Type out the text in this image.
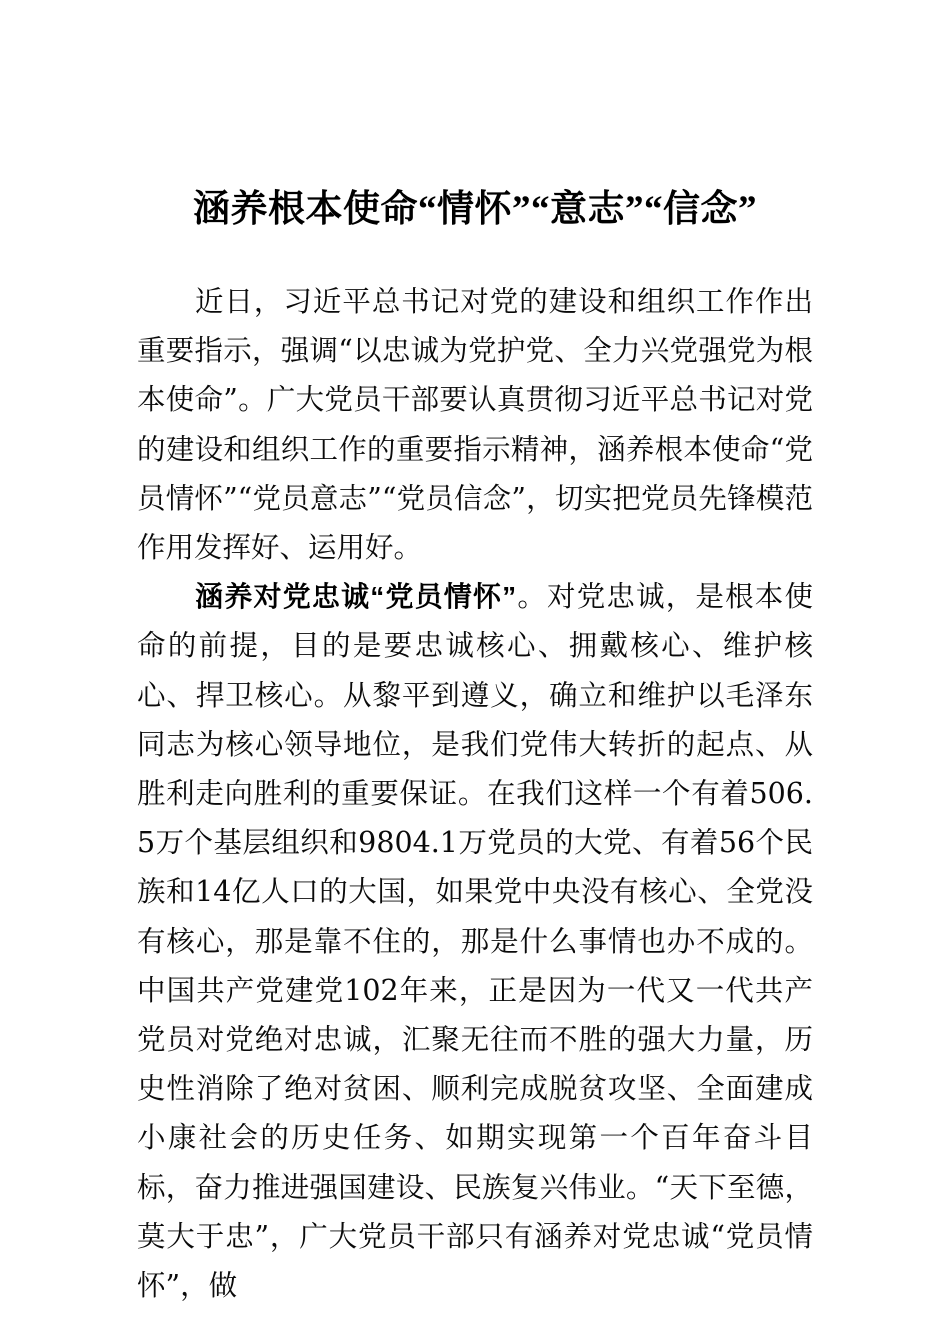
涵养根本使命“情怀”“意志”“信念”

近日，习近平总书记对党的建设和组织工作作出重要指示，强调“以忠诚为党护党、全力兴党强党为根本使命”。广大党员干部要认真贯彻习近平总书记对党的建设和组织工作的重要指示精神，涵养根本使命“党员情怀”“党员意志”“党员信念”，切实把党员先锋模范作用发挥好、运用好。

涵养对党忠诚“党员情怀”。对党忠诚，是根本使命的前提，目的是要忠诚核心、拥戴核心、维护核心、捍卫核心。从黎平到遵义，确立和维护以毛泽东同志为核心领导地位，是我们党伟大转折的起点、从胜利走向胜利的重要保证。在我们这样一个有着506.5万个基层组织和9804.1万党员的大党、有着56个民族和14亿人口的大国，如果党中央没有核心、全党没有核心，那是靠不住的，那是什么事情也办不成的。中国共产党建党102年来，正是因为一代又一代共产党员对党绝对忠诚，汇聚无往而不胜的强大力量，历史性消除了绝对贫困、顺利完成脱贫攻坚、全面建成小康社会的历史任务、如期实现第一个百年奋斗目标，奋力推进强国建设、民族复兴伟业。“天下至德，莫大于忠”，广大党员干部只有涵养对党忠诚“党员情怀”，做
